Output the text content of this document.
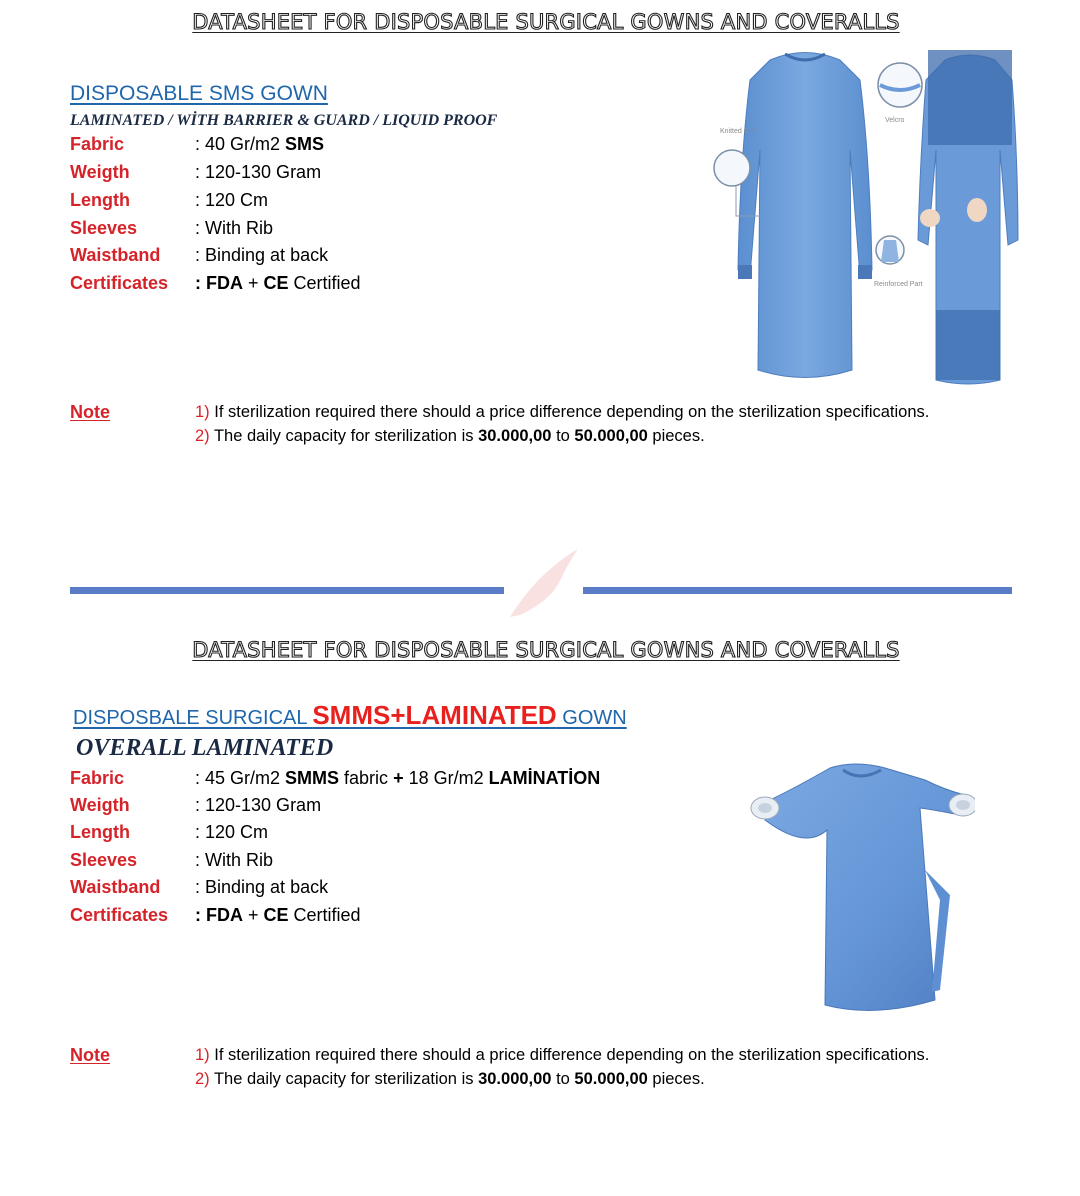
DATASHEET FOR DISPOSABLE SURGICAL GOWNS AND COVERALLS
DISPOSABLE SMS GOWN
LAMINATED / WİTH BARRIER & GUARD / LIQUID PROOF
Fabric	: 40 Gr/m2 SMS
Weigth	: 120-130 Gram
Length	: 120 Cm
Sleeves	: With Rib
Waistband : Binding at back
Certificates : FDA + CE Certified
Knitted Cuff
Velcro
Reinforced Part
Note	1) If sterilization required there should a price difference depending on the sterilization specifications.
2) The daily capacity for sterilization is 30.000,00 to 50.000,00 pieces.
DATASHEET FOR DISPOSABLE SURGICAL GOWNS AND COVERALLS
DISPOSBALE SURGICAL SMMS+LAMINATED GOWN
OVERALL LAMINATED
Fabric	: 45 Gr/m2 SMMS fabric + 18 Gr/m2 LAMİNATİON
Weigth	: 120-130 Gram
Length	: 120 Cm
Sleeves	: With Rib
Waistband : Binding at back
Certificates : FDA + CE Certified
Note	1) If sterilization required there should a price difference depending on the sterilization specifications.
2) The daily capacity for sterilization is 30.000,00 to 50.000,00 pieces.
